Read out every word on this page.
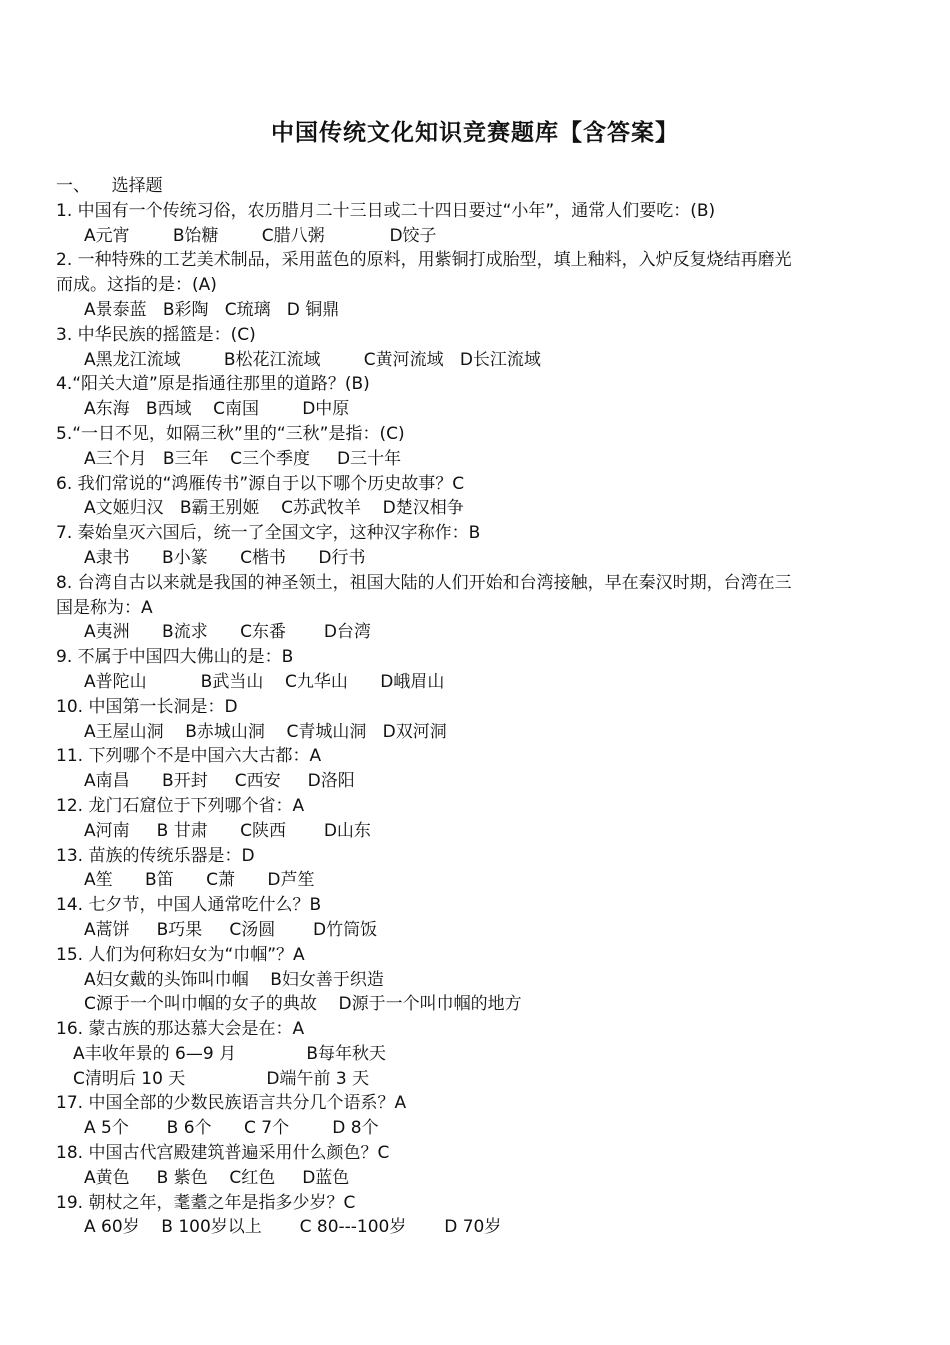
中国传统文化知识竞赛题库【含答案】
一、    选择题
1. 中国有一个传统习俗，农历腊月二十三日或二十四日要过“小年”，通常人们要吃：(B)
A元宵        B饴糖        C腊八粥            D饺子
2. 一种特殊的工艺美术制品，采用蓝色的原料，用紫铜打成胎型，填上釉料，入炉反复烧结再磨光
而成。这指的是：(A)
A景泰蓝   B彩陶   C琉璃   D 铜鼎
3. 中华民族的摇篮是：(C)
A黑龙江流域        B松花江流域        C黄河流域   D长江流域
4.“阳关大道”原是指通往那里的道路？(B)
A东海   B西域    C南国        D中原
5.“一日不见，如隔三秋”里的“三秋”是指：(C)
A三个月   B三年    C三个季度     D三十年
6. 我们常说的“鸿雁传书”源自于以下哪个历史故事？C
A文姬归汉   B霸王别姬    C苏武牧羊    D楚汉相争
7. 秦始皇灭六国后，统一了全国文字，这种汉字称作：B
A隶书      B小篆      C楷书      D行书
8. 台湾自古以来就是我国的神圣领土，祖国大陆的人们开始和台湾接触，早在秦汉时期，台湾在三
国是称为：A
A夷洲      B流求      C东番       D台湾
9. 不属于中国四大佛山的是：B
A普陀山          B武当山    C九华山      D峨眉山
10. 中国第一长洞是：D
A王屋山洞    B赤城山洞    C青城山洞   D双河洞
11. 下列哪个不是中国六大古都：A
A南昌      B开封     C西安     D洛阳
12. 龙门石窟位于下列哪个省：A
A河南     B 甘肃      C陕西       D山东
13. 苗族的传统乐器是：D
A笙      B笛      C萧      D芦笙
14. 七夕节，中国人通常吃什么？B
A蒿饼     B巧果     C汤圆       D竹筒饭
15. 人们为何称妇女为“巾帼”？A
A妇女戴的头饰叫巾帼    B妇女善于织造
C源于一个叫巾帼的女子的典故    D源于一个叫巾帼的地方
16. 蒙古族的那达慕大会是在：A
A丰收年景的 6—9 月             B每年秋天
C清明后 10 天               D端午前 3 天
17. 中国全部的少数民族语言共分几个语系？A
A 5个       B 6个      C 7个        D 8个
18. 中国古代宫殿建筑普遍采用什么颜色？C
A黄色     B 紫色    C红色     D蓝色
19. 朝杖之年，耄耋之年是指多少岁？C
A 60岁    B 100岁以上       C 80---100岁       D 70岁
